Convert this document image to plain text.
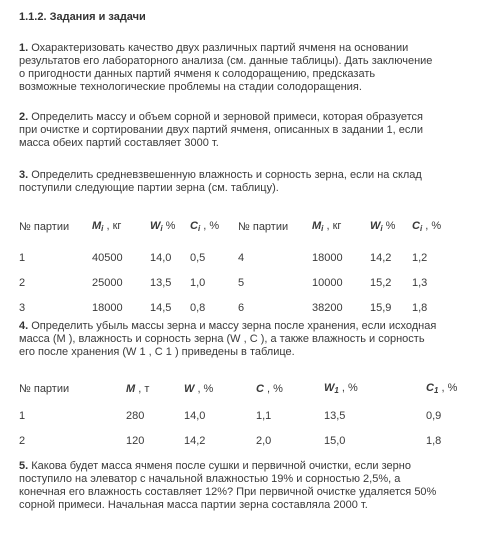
1.1.2. Задания и задачи
1. Охарактеризовать качество двух различных партий ячменя на основании
результатов его лабораторного анализа (см. данные таблицы). Дать заключение
о пригодности данных партий ячменя к солодоращению, предсказать
возможные технологические проблемы на стадии солодоращения.
2. Определить массу и объем сорной и зерновой примеси, которая образуется
при очистке и сортировании двух партий ячменя, описанных в задании 1, если
масса обеих партий составляет 3000 т.
3. Определить средневзвешенную влажность и сорность зерна, если на склад
поступили следующие партии зерна (см. таблицу).
№ партии	$M_i$ , кг	$W_i$ %	$C_i$ , %	№ партии	$M_i$ , кг	$W_i$ %	$C_i$ , %

1	40500	14,0	0,5	4	18000	14,2	1,2
2	25000	13,5	1,0	5	10000	15,2	1,3
3	18000	14,5	0,8	6	38200	15,9	1,8
4. Определить убыль массы зерна и массу зерна после хранения, если исходная
масса (M ), влажность и сорность зерна (W , C ), а также влажность и сорность
его после хранения (W 1 , C 1 ) приведены в таблице.
№ партии	M , т	W , %	C , %	$W_1$ , %	$C_1$ , %

1	280	14,0	1,1	13,5	0,9
2	120	14,2	2,0	15,0	1,8
5. Какова будет масса ячменя после сушки и первичной очистки, если зерно
поступило на элеватор с начальной влажностью 19% и сорностью 2,5%, а
конечная его влажность составляет 12%? При первичной очистке удаляется 50%
сорной примеси. Начальная масса партии зерна составляла 2000 т.
